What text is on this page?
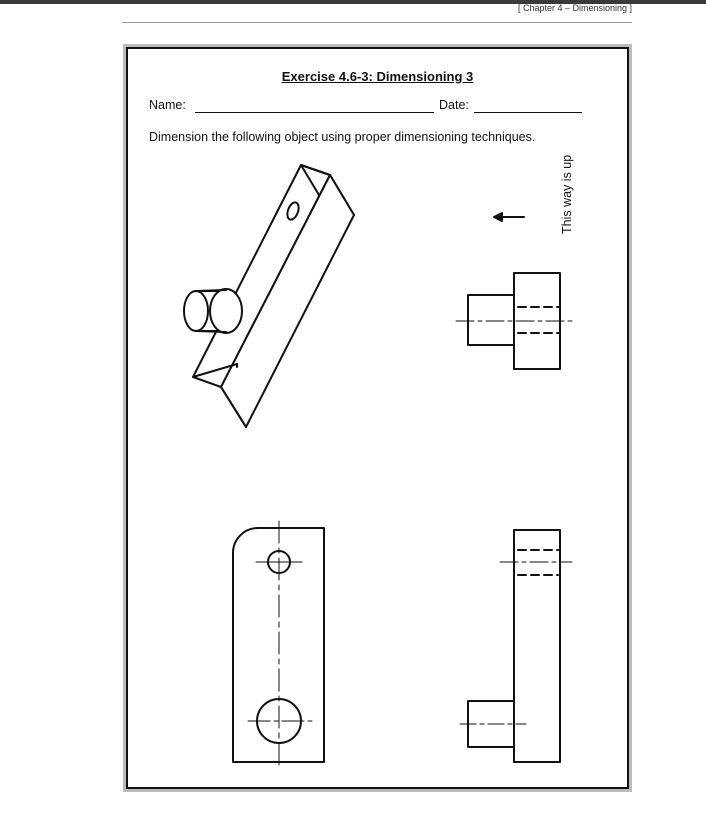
[ Chapter 4 – Dimensioning ]
Exercise 4.6-3: Dimensioning 3
Name:	Date:
Dimension the following object using proper dimensioning techniques.
This way is up
